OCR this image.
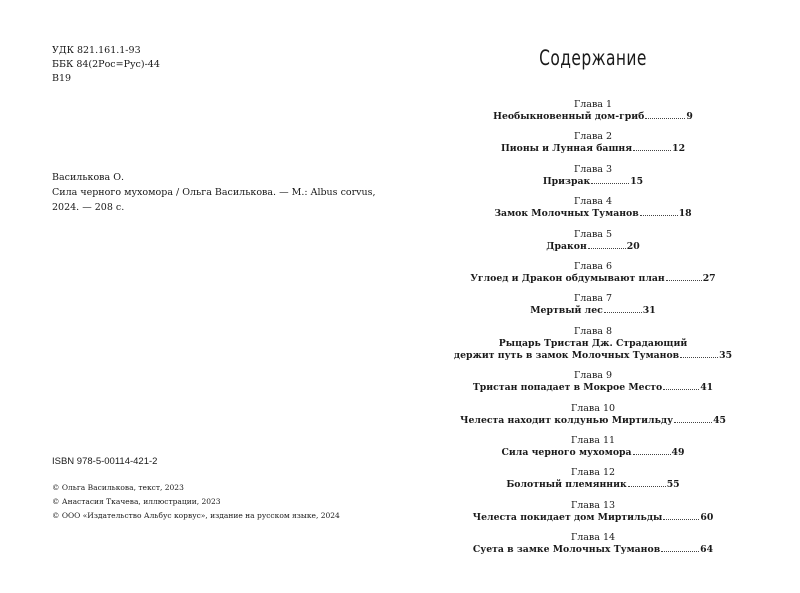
УДК 821.161.1-93
ББК 84(2Рос=Рус)-44
В19
Василькова О.
Сила черного мухомора / Ольга Василькова. — М.: Albus corvus,
2024. — 208 с.
ISBN 978-5-00114-421-2
© Ольга Василькова, текст, 2023
© Анастасия Ткачева, иллюстрации, 2023
© ООО «Издательство Альбус корвус», издание на русском языке, 2024
Содержание
Глава 1
Необыкновенный дом-гриб	9
Глава 2
Пионы и Лунная башня	12
Глава 3
Призрак	15
Глава 4
Замок Молочных Туманов	18
Глава 5
Дракон	20
Глава 6
Углоед и Дракон обдумывают план	27
Глава 7
Мертвый лес	31
Глава 8
Рыцарь Тристан Дж. Страдающий
держит путь в замок Молочных Туманов	35
Глава 9
Тристан попадает в Мокрое Место	41
Глава 10
Челеста находит колдунью Миртильду	45
Глава 11
Сила черного мухомора	49
Глава 12
Болотный племянник	55
Глава 13
Челеста покидает дом Миртильды	60
Глава 14
Суета в замке Молочных Туманов	64
